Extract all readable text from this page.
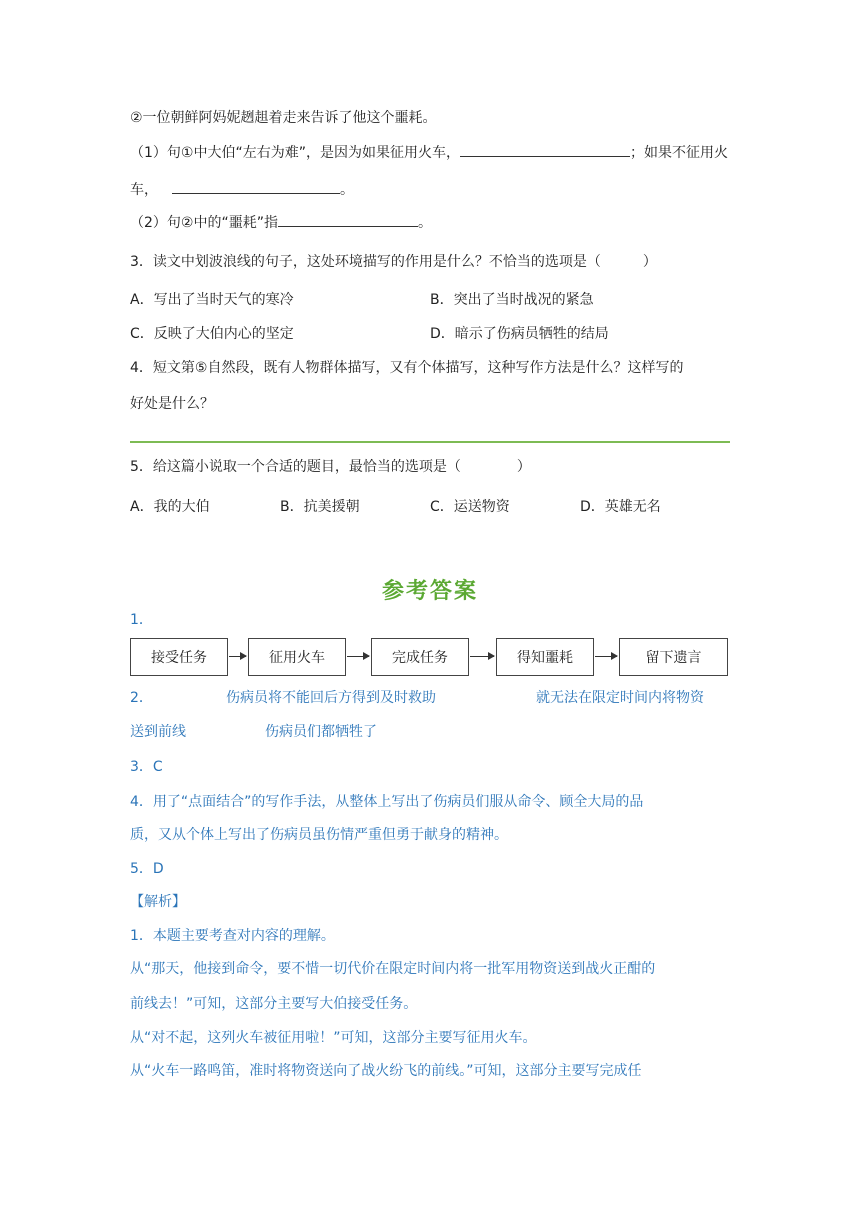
②一位朝鲜阿妈妮趔趄着走来告诉了他这个噩耗。
（1）句①中大伯“左右为难”，是因为如果征用火车，	；如果不征用火
车，	。
（2）句②中的“噩耗”指	。
3．读文中划波浪线的句子，这处环境描写的作用是什么？不恰当的选项是（　　　）
A．写出了当时天气的寒冷	B．突出了当时战况的紧急
C．反映了大伯内心的坚定	D．暗示了伤病员牺牲的结局
4．短文第⑤自然段，既有人物群体描写，又有个体描写，这种写作方法是什么？这样写的
好处是什么？
5．给这篇小说取一个合适的题目，最恰当的选项是（　　　　）
A．我的大伯	B．抗美援朝	C．运送物资	D．英雄无名
参考答案
1．
接受任务	征用火车	完成任务	得知噩耗	留下遗言
2．	伤病员将不能回后方得到及时救助	就无法在限定时间内将物资
送到前线	伤病员们都牺牲了
3．C
4．用了“点面结合”的写作手法，从整体上写出了伤病员们服从命令、顾全大局的品
质，又从个体上写出了伤病员虽伤情严重但勇于献身的精神。
5．D
【解析】
1．本题主要考查对内容的理解。
从“那天，他接到命令，要不惜一切代价在限定时间内将一批军用物资送到战火正酣的
前线去！”可知，这部分主要写大伯接受任务。
从“对不起，这列火车被征用啦！”可知，这部分主要写征用火车。
从“火车一路鸣笛，准时将物资送向了战火纷飞的前线。”可知，这部分主要写完成任
